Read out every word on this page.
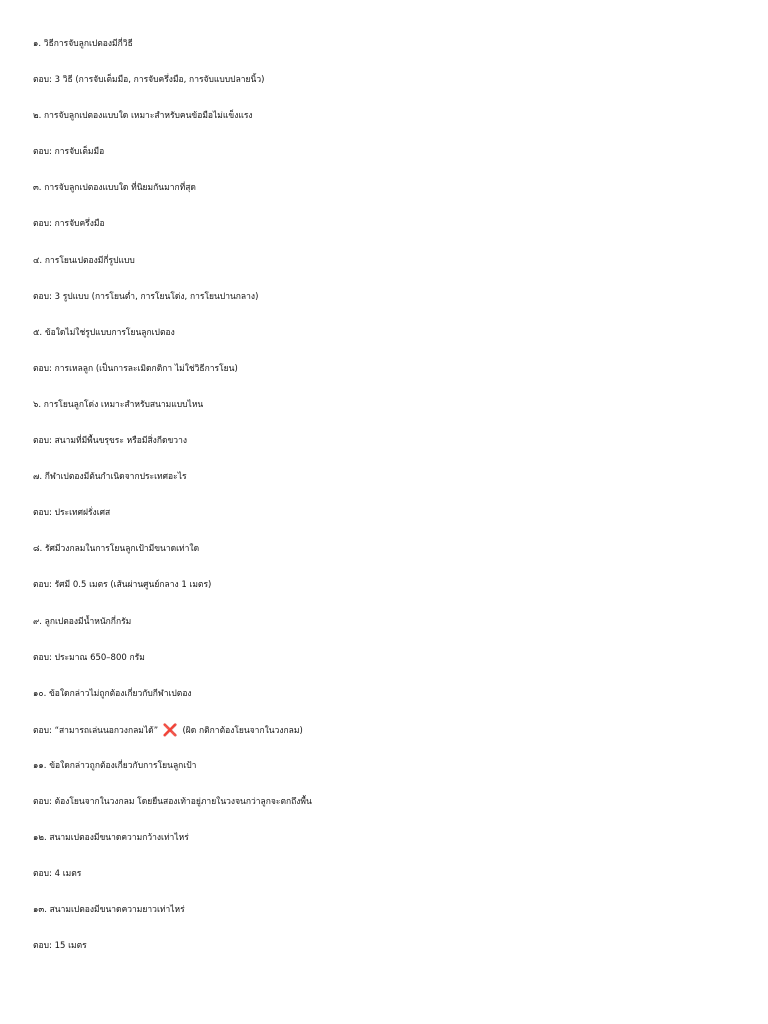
๑. วิธีการจับลูกเปตองมีกี่วิธี
ตอบ: 3 วิธี (การจับเต็มมือ, การจับครึ่งมือ, การจับแบบปลายนิ้ว)
๒. การจับลูกเปตองแบบใด เหมาะสำหรับคนข้อมือไม่แข็งแรง
ตอบ: การจับเต็มมือ
๓. การจับลูกเปตองแบบใด ที่นิยมกันมากที่สุด
ตอบ: การจับครึ่งมือ
๔. การโยนเปตองมีกี่รูปแบบ
ตอบ: 3 รูปแบบ (การโยนต่ำ, การโยนโด่ง, การโยนปานกลาง)
๕. ข้อใดไม่ใช่รูปแบบการโยนลูกเปตอง
ตอบ: การเหลลูก (เป็นการละเมิดกติกา ไม่ใช่วิธีการโยน)
๖. การโยนลูกโด่ง เหมาะสำหรับสนามแบบไหน
ตอบ: สนามที่มีพื้นขรุขระ หรือมีสิ่งกีดขวาง
๗. กีฬาเปตองมีต้นกำเนิดจากประเทศอะไร
ตอบ: ประเทศฝรั่งเศส
๘. รัศมีวงกลมในการโยนลูกเป้ามีขนาดเท่าใด
ตอบ: รัศมี 0.5 เมตร (เส้นผ่านศูนย์กลาง 1 เมตร)
๙. ลูกเปตองมีน้ำหนักกี่กรัม
ตอบ: ประมาณ 650–800 กรัม
๑๐. ข้อใดกล่าวไม่ถูกต้องเกี่ยวกับกีฬาเปตอง
ตอบ: “สามารถเล่นนอกวงกลมได้” ❌ (ผิด กติกาต้องโยนจากในวงกลม)
๑๑. ข้อใดกล่าวถูกต้องเกี่ยวกับการโยนลูกเป้า
ตอบ: ต้องโยนจากในวงกลม โดยยืนสองเท้าอยู่ภายในวงจนกว่าลูกจะตกถึงพื้น
๑๒. สนามเปตองมีขนาดความกว้างเท่าไหร่
ตอบ: 4 เมตร
๑๓. สนามเปตองมีขนาดความยาวเท่าไหร่
ตอบ: 15 เมตร
